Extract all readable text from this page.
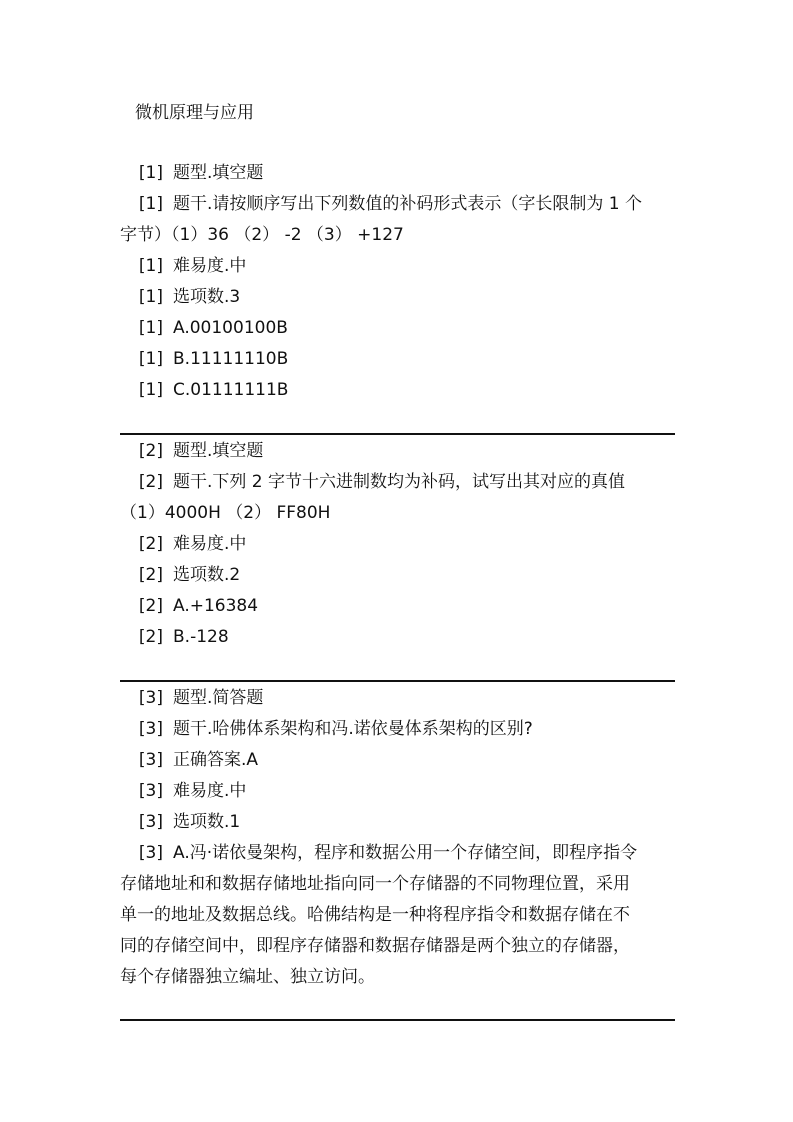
微机原理与应用
[1] 题型.填空题
[1] 题干.请按顺序写出下列数值的补码形式表示（字长限制为 1 个
字节）（1）36 （2） -2 （3） +127
[1] 难易度.中
[1] 选项数.3
[1] A.00100100B
[1] B.11111110B
[1] C.01111111B
[2] 题型.填空题
[2] 题干.下列 2 字节十六进制数均为补码，试写出其对应的真值
（1）4000H （2） FF80H
[2] 难易度.中
[2] 选项数.2
[2] A.+16384
[2] B.-128
[3] 题型.简答题
[3] 题干.哈佛体系架构和冯.诺依曼体系架构的区别?
[3] 正确答案.A
[3] 难易度.中
[3] 选项数.1
[3] A.冯·诺依曼架构，程序和数据公用一个存储空间，即程序指令
存储地址和和数据存储地址指向同一个存储器的不同物理位置，采用
单一的地址及数据总线。哈佛结构是一种将程序指令和数据存储在不
同的存储空间中，即程序存储器和数据存储器是两个独立的存储器，
每个存储器独立编址、独立访问。
